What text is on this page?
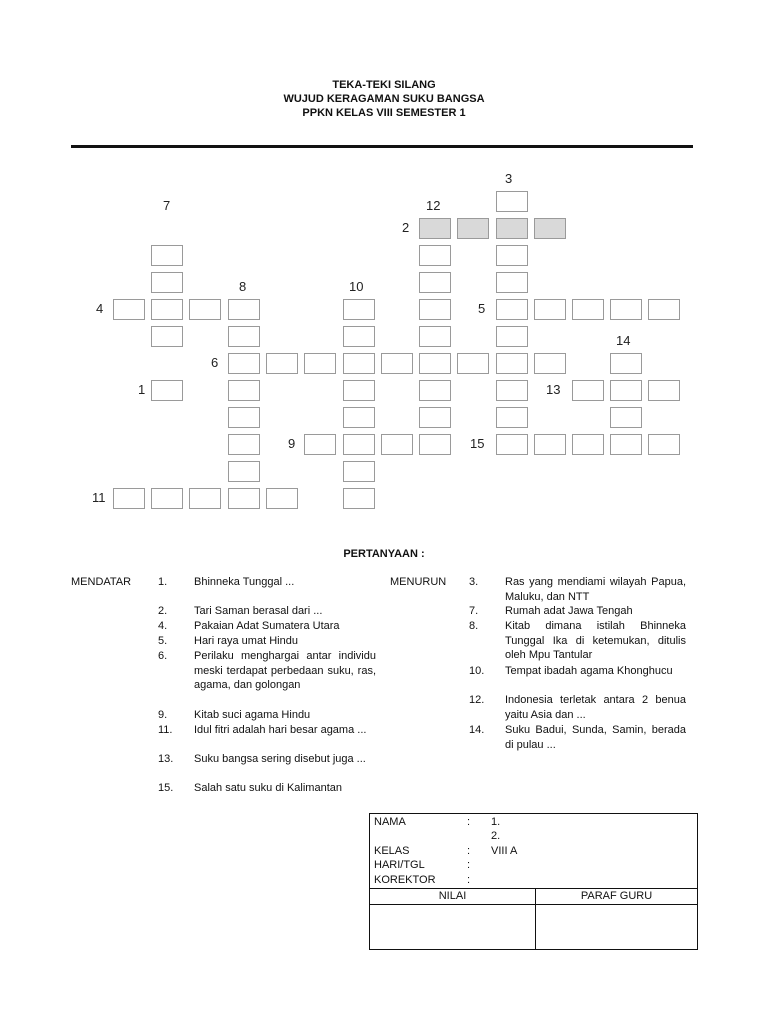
TEKA-TEKI SILANG
WUJUD KERAGAMAN SUKU BANGSA
PPKN KELAS VIII SEMESTER 1
1
2
3
4	5
6
7
8
9
10
11
12
13
14
15
PERTANYAAN :
MENDATAR	MENURUN
1.	Bhinneka Tunggal ...
2.	Tari Saman berasal dari ...
4.	Pakaian Adat Sumatera Utara
5.	Hari raya umat Hindu
6.	Perilaku menghargai antar individu meski terdapat perbedaan suku, ras, agama, dan golongan
9.	Kitab suci agama Hindu
11.	Idul fitri adalah hari besar agama ...
13.	Suku bangsa sering disebut juga ...
15.	Salah satu suku di Kalimantan
3.	Ras yang mendiami wilayah Papua, Maluku, dan NTT
7.	Rumah adat Jawa Tengah
8.	Kitab dimana istilah Bhinneka Tunggal Ika di ketemukan, ditulis oleh Mpu Tantular
10.	Tempat ibadah agama Khonghucu
12.	Indonesia terletak antara 2 benua yaitu Asia dan ...
14.	Suku Badui, Sunda, Samin, berada di pulau ...
NAMA	: 1.
2.
KELAS	: VIII A
HARI/TGL	:
KOREKTOR	:
NILAI	PARAF GURU
